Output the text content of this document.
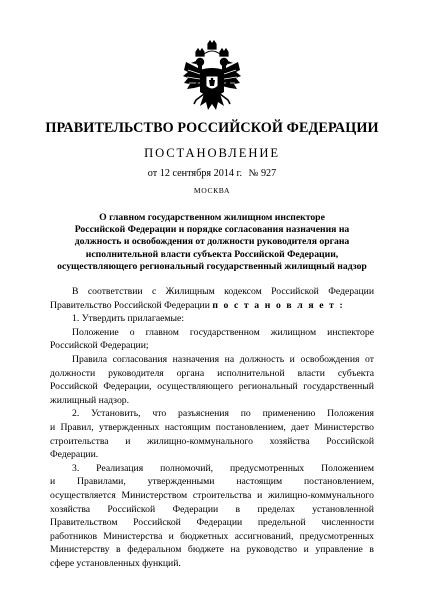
ПРАВИТЕЛЬСТВО РОССИЙСКОЙ ФЕДЕРАЦИИ
ПОСТАНОВЛЕНИЕ
от 12 сентября 2014 г. № 927
МОСКВА
О главном государственном жилищном инспекторе
Российской Федерации и порядке согласования назначения на
должность и освобождения от должности руководителя органа
исполнительной власти субъекта Российской Федерации,
осуществляющего региональный государственный жилищный надзор
В соответствии с Жилищным кодексом Российской Федерации
Правительство Российской Федерации п о с т а н о в л я е т :
1. Утвердить прилагаемые:
Положение о главном государственном жилищном инспекторе
Российской Федерации;
Правила согласования назначения на должность и освобождения от
должности руководителя органа исполнительной власти субъекта
Российской Федерации, осуществляющего региональный государственный
жилищный надзор.
2. Установить, что разъяснения по применению Положения
и Правил, утвержденных настоящим постановлением, дает Министерство
строительства и жилищно-коммунального хозяйства Российской
Федерации.
3. Реализация полномочий, предусмотренных Положением
и Правилами, утвержденными настоящим постановлением,
осуществляется Министерством строительства и жилищно-коммунального
хозяйства Российской Федерации в пределах установленной
Правительством Российской Федерации предельной численности
работников Министерства и бюджетных ассигнований, предусмотренных
Министерству в федеральном бюджете на руководство и управление в
сфере установленных функций.
